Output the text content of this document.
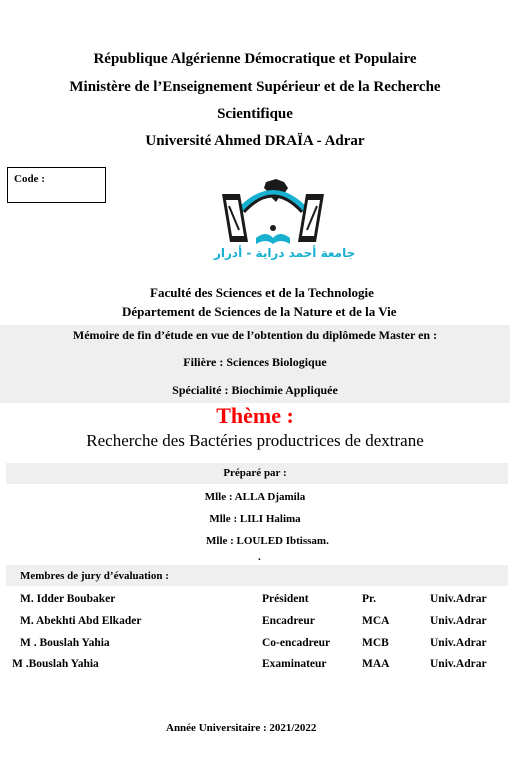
République Algérienne Démocratique et Populaire
Ministère de l’Enseignement Supérieur et de la Recherche
Scientifique
Université Ahmed DRAÏA - Adrar
Code :
جامعة أحمد دراية - أدرار
Faculté des Sciences et de la Technologie
Département de Sciences de la Nature et de la Vie
Mémoire de fin d’étude en vue de l’obtention du diplômede Master en :
Filière : Sciences Biologique
Spécialité : Biochimie Appliquée
Thème :
Recherche des Bactéries productrices de dextrane
Préparé par :
Mlle : ALLA Djamila
Mlle : LILI Halima
Mlle : LOULED Ibtissam.
.
Membres de jury d’évaluation :
M. Idder Boubaker	Président	Pr.	Univ.Adrar
M. Abekhti Abd Elkader	Encadreur	MCA	Univ.Adrar
M . Bouslah Yahia	Co-encadreur	MCB	Univ.Adrar
M .Bouslah Yahia	Examinateur	MAA	Univ.Adrar
Année Universitaire : 2021/2022
